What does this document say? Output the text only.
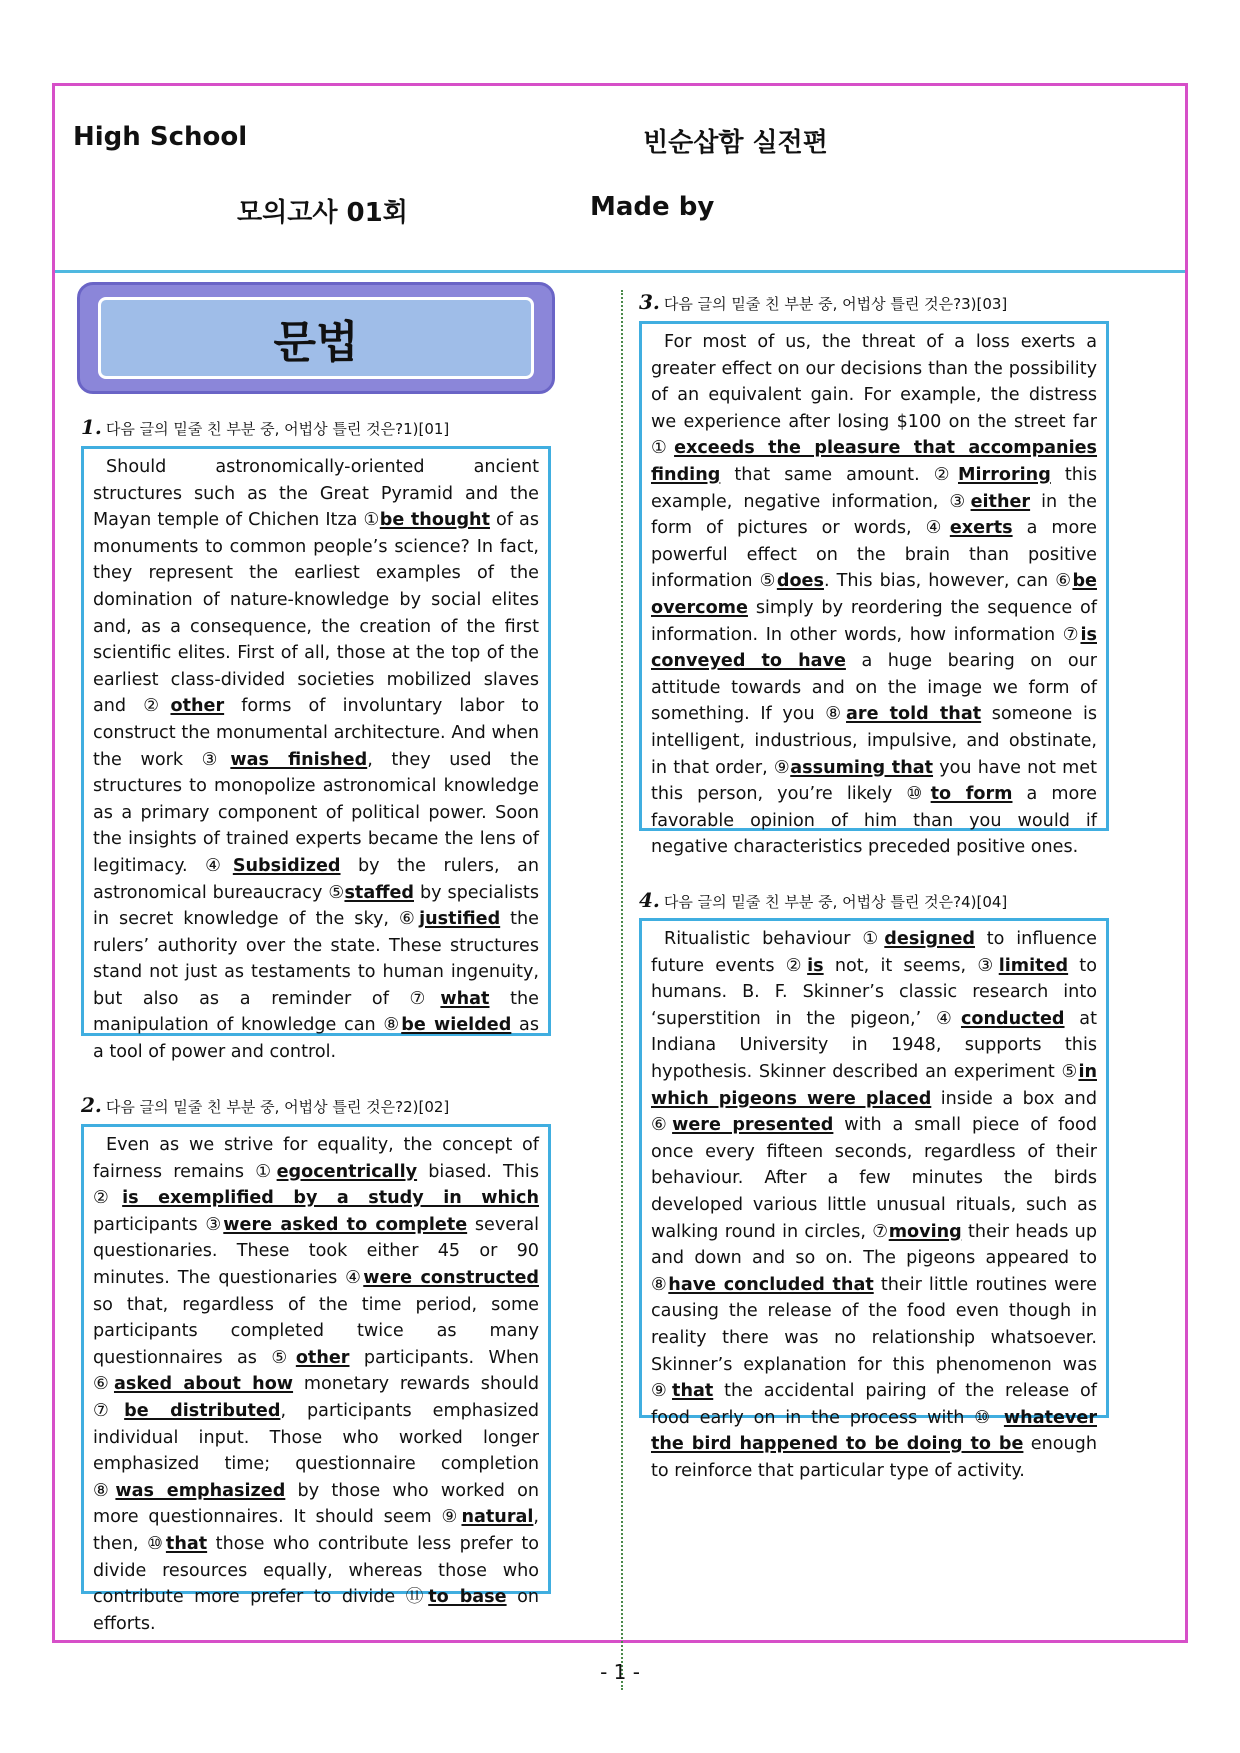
High School	빈순삽함 실전편
모의고사 01회	Made by
문법
1. 다음 글의 밑줄 친 부분 중, 어법상 틀린 것은?1)[01]

Should astronomically-oriented ancient structures such as the Great Pyramid and the Mayan temple of Chichen Itza ①be thought of as monuments to common people’s science? In fact, they represent the earliest examples of the domination of nature-knowledge by social elites and, as a consequence, the creation of the first scientific elites. First of all, those at the top of the earliest class-divided societies mobilized slaves and ②other forms of involuntary labor to construct the monumental architecture. And when the work ③was finished, they used the structures to monopolize astronomical knowledge as a primary component of political power. Soon the insights of trained experts became the lens of legitimacy. ④Subsidized by the rulers, an astronomical bureaucracy ⑤staffed by specialists in secret knowledge of the sky, ⑥justified the rulers’ authority over the state. These structures stand not just as testaments to human ingenuity, but also as a reminder of ⑦what the manipulation of knowledge can ⑧be wielded as a tool of power and control.

2. 다음 글의 밑줄 친 부분 중, 어법상 틀린 것은?2)[02]

Even as we strive for equality, the concept of fairness remains ①egocentrically biased. This ②is exemplified by a study in which participants ③were asked to complete several questionaries. These took either 45 or 90 minutes. The questionaries ④were constructed so that, regardless of the time period, some participants completed twice as many questionnaires as ⑤other participants. When ⑥asked about how monetary rewards should ⑦be distributed, participants emphasized individual input. Those who worked longer emphasized time; questionnaire completion ⑧was emphasized by those who worked on more questionnaires. It should seem ⑨natural, then, ⑩that those who contribute less prefer to divide resources equally, whereas those who contribute more prefer to divide ⑪to base on efforts.

3. 다음 글의 밑줄 친 부분 중, 어법상 틀린 것은?3)[03]

For most of us, the threat of a loss exerts a greater effect on our decisions than the possibility of an equivalent gain. For example, the distress we experience after losing $100 on the street far ①exceeds the pleasure that accompanies finding that same amount. ②Mirroring this example, negative information, ③either in the form of pictures or words, ④exerts a more powerful effect on the brain than positive information ⑤does. This bias, however, can ⑥be overcome simply by reordering the sequence of information. In other words, how information ⑦is conveyed to have a huge bearing on our attitude towards and on the image we form of something. If you ⑧are told that someone is intelligent, industrious, impulsive, and obstinate, in that order, ⑨assuming that you have not met this person, you’re likely ⑩to form a more favorable opinion of him than you would if negative characteristics preceded positive ones.

4. 다음 글의 밑줄 친 부분 중, 어법상 틀린 것은?4)[04]

Ritualistic behaviour ①designed to influence future events ②is not, it seems, ③limited to humans. B. F. Skinner’s classic research into ‘superstition in the pigeon,’ ④conducted at Indiana University in 1948, supports this hypothesis. Skinner described an experiment ⑤in which pigeons were placed inside a box and ⑥were presented with a small piece of food once every fifteen seconds, regardless of their behaviour. After a few minutes the birds developed various little unusual rituals, such as walking round in circles, ⑦moving their heads up and down and so on. The pigeons appeared to ⑧have concluded that their little routines were causing the release of the food even though in reality there was no relationship whatsoever. Skinner’s explanation for this phenomenon was ⑨that the accidental pairing of the release of food early on in the process with ⑩ whatever the bird happened to be doing to be enough to reinforce that particular type of activity.

- 1 -
